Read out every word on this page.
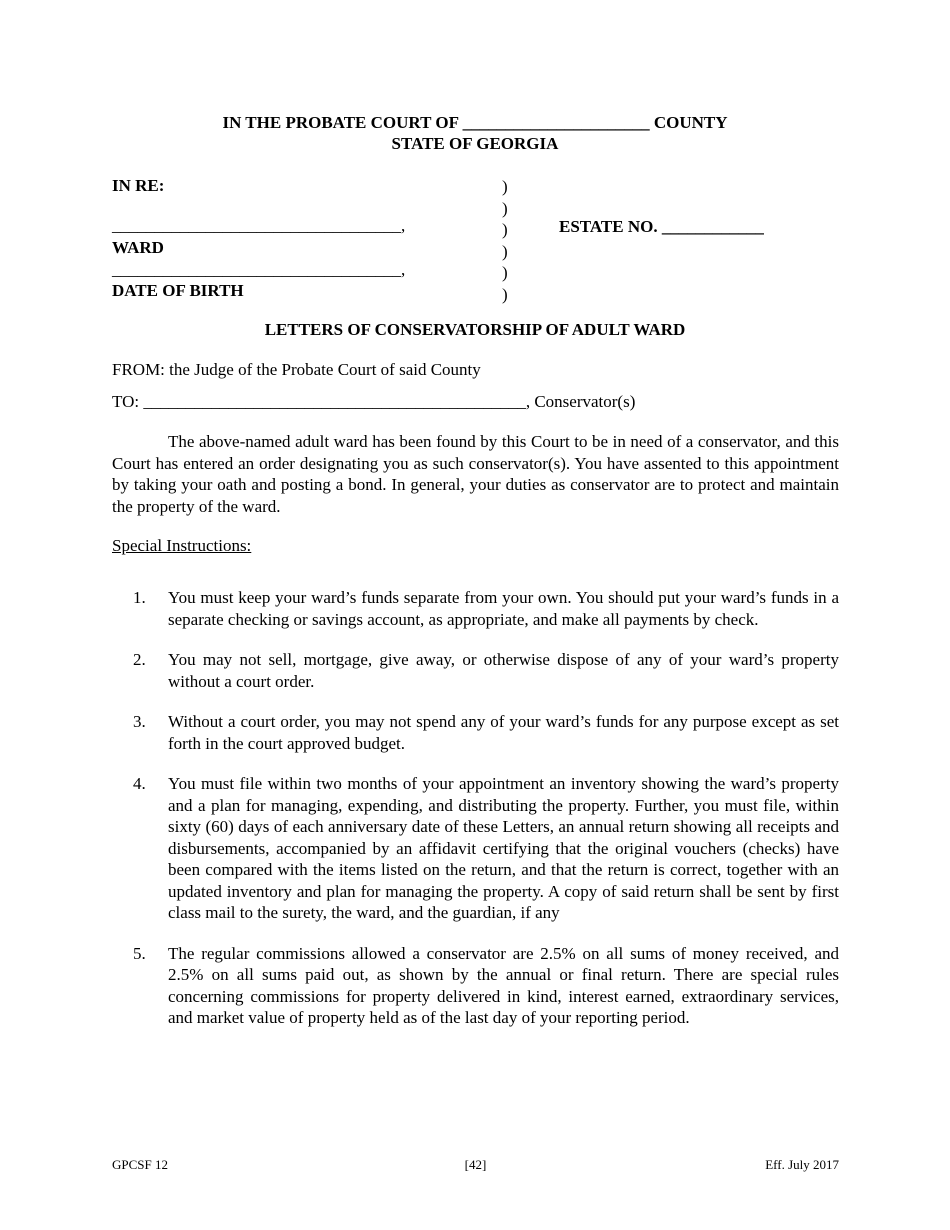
IN THE PROBATE COURT OF ______________________ COUNTY
STATE OF GEORGIA
IN RE:
__________________________________,
WARD
__________________________________,
DATE OF BIRTH
)
)
)
)
)
)
ESTATE NO. ____________
LETTERS OF CONSERVATORSHIP OF ADULT WARD
FROM: the Judge of the Probate Court of said County
TO: _____________________________________________, Conservator(s)

The above-named adult ward has been found by this Court to be in need of a conservator, and this Court has entered an order designating you as such conservator(s). You have assented to this appointment by taking your oath and posting a bond. In general, your duties as conservator are to protect and maintain the property of the ward.

Special Instructions:
1. You must keep your ward’s funds separate from your own. You should put your ward’s funds in a separate checking or savings account, as appropriate, and make all payments by check.

2. You may not sell, mortgage, give away, or otherwise dispose of any of your ward’s property without a court order.

3. Without a court order, you may not spend any of your ward’s funds for any purpose except as set forth in the court approved budget.

4. You must file within two months of your appointment an inventory showing the ward’s property and a plan for managing, expending, and distributing the property. Further, you must file, within sixty (60) days of each anniversary date of these Letters, an annual return showing all receipts and disbursements, accompanied by an affidavit certifying that the original vouchers (checks) have been compared with the items listed on the return, and that the return is correct, together with an updated inventory and plan for managing the property. A copy of said return shall be sent by first class mail to the surety, the ward, and the guardian, if any

5. The regular commissions allowed a conservator are 2.5% on all sums of money received, and 2.5% on all sums paid out, as shown by the annual or final return. There are special rules concerning commissions for property delivered in kind, interest earned, extraordinary services, and market value of property held as of the last day of your reporting period.

GPCSF 12	[42]	Eff. July 2017
